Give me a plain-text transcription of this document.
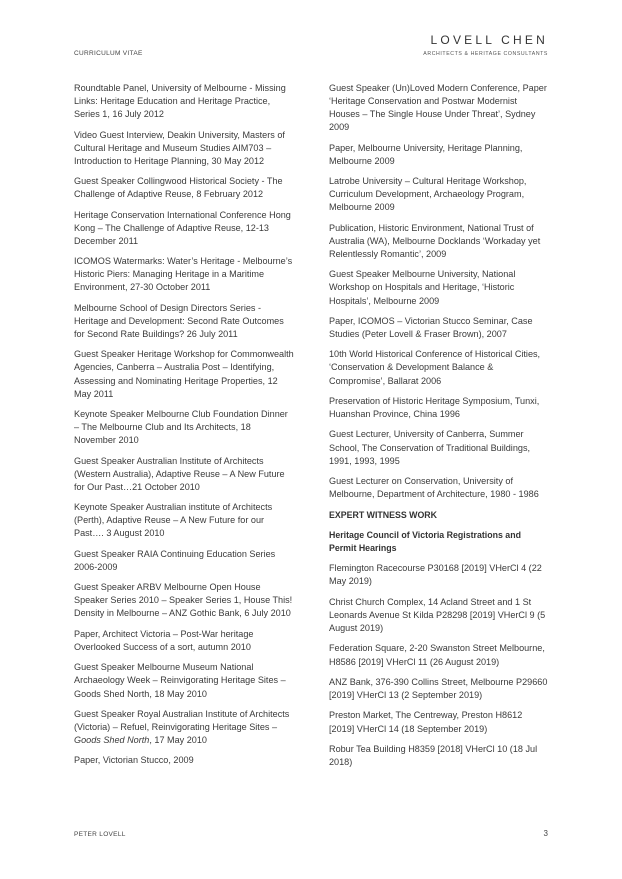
CURRICULUM VITAE
LOVELL CHEN
ARCHITECTS & HERITAGE CONSULTANTS

Roundtable Panel, University of Melbourne - Missing Links: Heritage Education and Heritage Practice, Series 1, 16 July 2012

Video Guest Interview, Deakin University, Masters of Cultural Heritage and Museum Studies AIM703 – Introduction to Heritage Planning, 30 May 2012

Guest Speaker Collingwood Historical Society - The Challenge of Adaptive Reuse, 8 February 2012

Heritage Conservation International Conference Hong Kong – The Challenge of Adaptive Reuse, 12-13 December 2011

ICOMOS Watermarks: Water’s Heritage - Melbourne’s Historic Piers: Managing Heritage in a Maritime Environment, 27-30 October 2011

Melbourne School of Design Directors Series - Heritage and Development: Second Rate Outcomes for Second Rate Buildings? 26 July 2011

Guest Speaker Heritage Workshop for Commonwealth Agencies, Canberra – Australia Post – Identifying, Assessing and Nominating Heritage Properties, 12 May 2011

Keynote Speaker Melbourne Club Foundation Dinner – The Melbourne Club and Its Architects, 18 November 2010

Guest Speaker Australian Institute of Architects (Western Australia), Adaptive Reuse – A New Future for Our Past…21 October 2010

Keynote Speaker Australian institute of Architects (Perth), Adaptive Reuse – A New Future for our Past…. 3 August 2010

Guest Speaker RAIA Continuing Education Series 2006-2009

Guest Speaker ARBV Melbourne Open House Speaker Series 2010 – Speaker Series 1, House This! Density in Melbourne – ANZ Gothic Bank, 6 July 2010

Paper, Architect Victoria – Post-War heritage Overlooked Success of a sort, autumn 2010

Guest Speaker Melbourne Museum National Archaeology Week – Reinvigorating Heritage Sites – Goods Shed North, 18 May 2010

Guest Speaker Royal Australian Institute of Architects (Victoria) – Refuel, Reinvigorating Heritage Sites – Goods Shed North, 17 May 2010

Paper, Victorian Stucco, 2009

Guest Speaker (Un)Loved Modern Conference, Paper ‘Heritage Conservation and Postwar Modernist Houses – The Single House Under Threat’, Sydney 2009

Paper, Melbourne University, Heritage Planning, Melbourne 2009

Latrobe University – Cultural Heritage Workshop, Curriculum Development, Archaeology Program, Melbourne 2009

Publication, Historic Environment, National Trust of Australia (WA), Melbourne Docklands ‘Workaday yet Relentlessly Romantic’, 2009

Guest Speaker Melbourne University, National Workshop on Hospitals and Heritage, ‘Historic Hospitals’, Melbourne 2009

Paper, ICOMOS – Victorian Stucco Seminar, Case Studies (Peter Lovell & Fraser Brown), 2007

10th World Historical Conference of Historical Cities, ‘Conservation & Development Balance & Compromise’, Ballarat 2006

Preservation of Historic Heritage Symposium, Tunxi, Huanshan Province, China 1996

Guest Lecturer, University of Canberra, Summer School, The Conservation of Traditional Buildings, 1991, 1993, 1995

Guest Lecturer on Conservation, University of Melbourne, Department of Architecture, 1980 - 1986

EXPERT WITNESS WORK

Heritage Council of Victoria Registrations and Permit Hearings

Flemington Racecourse P30168 [2019] VHerCl 4 (22 May 2019)

Christ Church Complex, 14 Acland Street and 1 St Leonards Avenue St Kilda P28298 [2019] VHerCl 9 (5 August 2019)

Federation Square, 2-20 Swanston Street Melbourne, H8586 [2019] VHerCl 11 (26 August 2019)

ANZ Bank, 376-390 Collins Street, Melbourne P29660 [2019] VHerCl 13 (2 September 2019)

Preston Market, The Centreway, Preston H8612 [2019] VHerCl 14 (18 September 2019)

Robur Tea Building H8359 [2018] VHerCl 10 (18 Jul 2018)

PETER LOVELL	3
